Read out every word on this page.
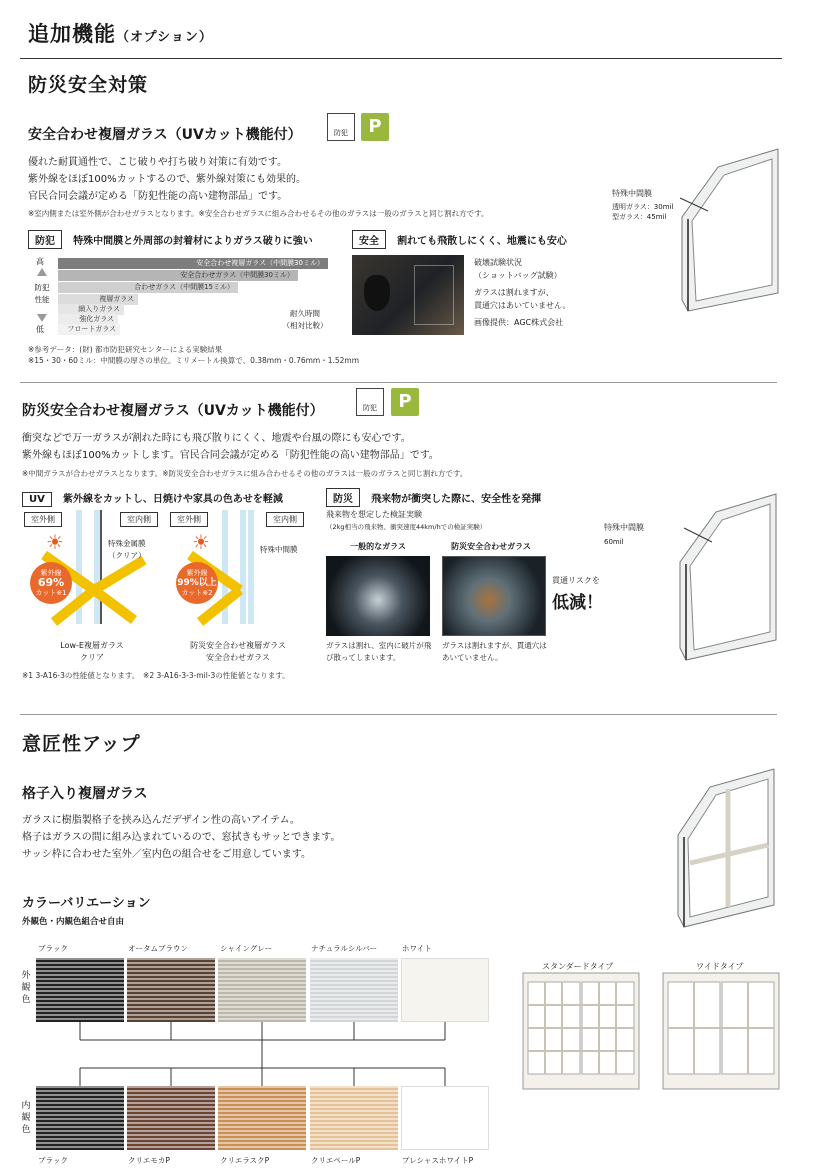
追加機能（オプション）
防災安全対策
安全合わせ複層ガラス（UVカット機能付）	防犯	P
優れた耐貫通性で、こじ破りや打ち破り対策に有効です。
紫外線をほぼ100%カットするので、紫外線対策にも効果的。
官民合同会議が定める「防犯性能の高い建物部品」です。
※室内側または室外側が合わせガラスとなります。※安全合わせガラスに組み合わせるその他のガラスは一般のガラスと同じ割れ方です。
防犯 特殊中間膜と外周部の封着材によりガラス破りに強い	安全 割れても飛散しにくく、地震にも安心
高
防犯性能
低
安全合わせ複層ガラス（中間膜30ミル）
安全合わせガラス（中間膜30ミル）
合わせガラス（中間膜15ミル）
複層ガラス
網入りガラス
強化ガラス
フロートガラス
耐久時間
（相対比較）
破壊試験状況
（ショットバッグ試験）
ガラスは割れますが、
貫通穴はあいていません。
画像提供：AGC株式会社
※参考データ：(財) 都市防犯研究センターによる実験結果
※15・30・60ミル：中間膜の厚さの単位。ミリメートル換算で、0.38mm・0.76mm・1.52mm
特殊中間膜
透明ガラス：30mil
型ガラス：45mil
防災安全合わせ複層ガラス（UVカット機能付）	防犯	P
衝突などで万一ガラスが割れた時にも飛び散りにくく、地震や台風の際にも安心です。
紫外線もほぼ100%カットします。官民合同会議が定める「防犯性能の高い建物部品」です。
※中間ガラスが合わせガラスとなります。※防災安全合わせガラスに組み合わせるその他のガラスは一般のガラスと同じ割れ方です。
UV 紫外線をカットし、日焼けや家具の色あせを軽減	防災 飛来物が衝突した際に、安全性を発揮
室外側	室内側
☀
紫外線
69%
カット※1
特殊金属膜（クリア）
Low-E複層ガラス
クリア
室外側	室内側
☀
紫外線
99%以上
カット※2
特殊中間膜
防災安全合わせ複層ガラス
安全合わせガラス
※1 3-A16-3の性能値となります。　※2 3-A16-3-3-mil-3の性能値となります。
飛来物を想定した検証実験
（2kg相当の飛来物、衝突速度44km/hでの検証実験）
一般的なガラス	防災安全合わせガラス
ガラスは割れ、室内に破片が飛び散ってしまいます。
ガラスは割れますが、貫通穴はあいていません。
貫通リスクを
低減！
特殊中間膜
60mil
意匠性アップ
格子入り複層ガラス
ガラスに樹脂製格子を挟み込んだデザイン性の高いアイテム。
格子はガラスの間に組み込まれているので、窓拭きもサッとできます。
サッシ枠に合わせた室外／室内色の組合せをご用意しています。
カラーバリエーション
外観色・内観色組合せ自由
外観色
ブラック	オータムブラウン	シャイングレー	ナチュラルシルバー	ホワイト
内観色
ブラック	クリエモカP	クリエラスクP	クリエペールP	プレシャスホワイトP
スタンダードタイプ	ワイドタイプ
